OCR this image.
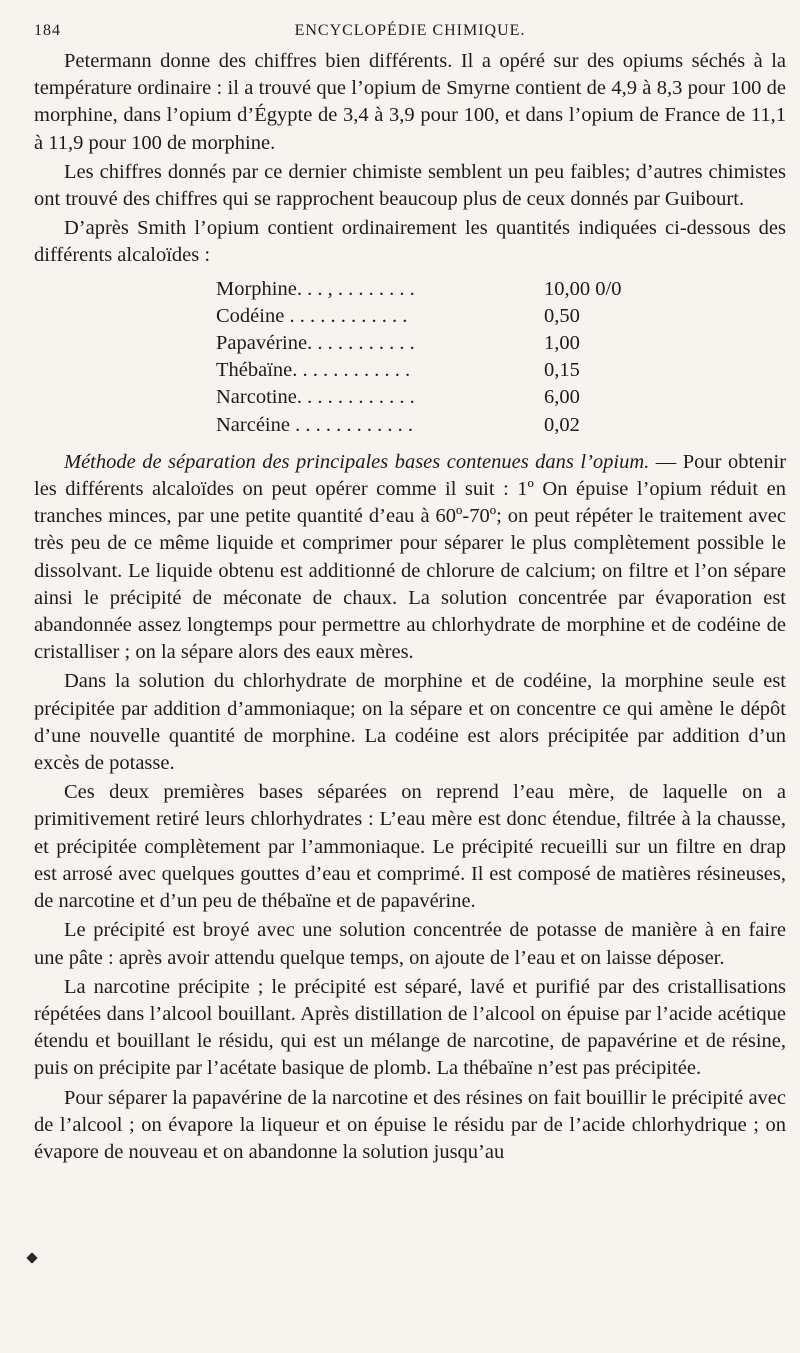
184	ENCYCLOPÉDIE CHIMIQUE.

Petermann donne des chiffres bien différents. Il a opéré sur des opiums séchés à la température ordinaire : il a trouvé que l’opium de Smyrne contient de 4,9 à 8,3 pour 100 de morphine, dans l’opium d’Égypte de 3,4 à 3,9 pour 100, et dans l’opium de France de 11,1 à 11,9 pour 100 de morphine.

Les chiffres donnés par ce dernier chimiste semblent un peu faibles; d’autres chimistes ont trouvé des chiffres qui se rapprochent beaucoup plus de ceux donnés par Guibourt.

D’après Smith l’opium contient ordinairement les quantités indiquées ci-dessous des différents alcaloïdes :

Morphine. . . , . . . . . . . .	10,00 0/0
Codéine . . . . . . . . . . . .	0,50
Papavérine. . . . . . . . . . .	1,00
Thébaïne. . . . . . . . . . . .	0,15
Narcotine. . . . . . . . . . . .	6,00
Narcéine . . . . . . . . . . . .	0,02

Méthode de séparation des principales bases contenues dans l’opium. — Pour obtenir les différents alcaloïdes on peut opérer comme il suit : 1º On épuise l’opium réduit en tranches minces, par une petite quantité d’eau à 60º-70º; on peut répéter le traitement avec très peu de ce même liquide et comprimer pour séparer le plus complètement possible le dissolvant. Le liquide obtenu est additionné de chlorure de calcium; on filtre et l’on sépare ainsi le précipité de méconate de chaux. La solution concentrée par évaporation est abandonnée assez longtemps pour permettre au chlorhydrate de morphine et de codéine de cristalliser ; on la sépare alors des eaux mères.

Dans la solution du chlorhydrate de morphine et de codéine, la morphine seule est précipitée par addition d’ammoniaque; on la sépare et on concentre ce qui amène le dépôt d’une nouvelle quantité de morphine. La codéine est alors précipitée par addition d’un excès de potasse.

Ces deux premières bases séparées on reprend l’eau mère, de laquelle on a primitivement retiré leurs chlorhydrates : L’eau mère est donc étendue, filtrée à la chausse, et précipitée complètement par l’ammoniaque. Le précipité recueilli sur un filtre en drap est arrosé avec quelques gouttes d’eau et comprimé. Il est composé de matières résineuses, de narcotine et d’un peu de thébaïne et de papavérine.

Le précipité est broyé avec une solution concentrée de potasse de manière à en faire une pâte : après avoir attendu quelque temps, on ajoute de l’eau et on laisse déposer.

La narcotine précipite ; le précipité est séparé, lavé et purifié par des cristallisations répétées dans l’alcool bouillant. Après distillation de l’alcool on épuise par l’acide acétique étendu et bouillant le résidu, qui est un mélange de narcotine, de papavérine et de résine, puis on précipite par l’acétate basique de plomb. La thébaïne n’est pas précipitée.

Pour séparer la papavérine de la narcotine et des résines on fait bouillir le précipité avec de l’alcool ; on évapore la liqueur et on épuise le résidu par de l’acide chlorhydrique ; on évapore de nouveau et on abandonne la solution jusqu’au
